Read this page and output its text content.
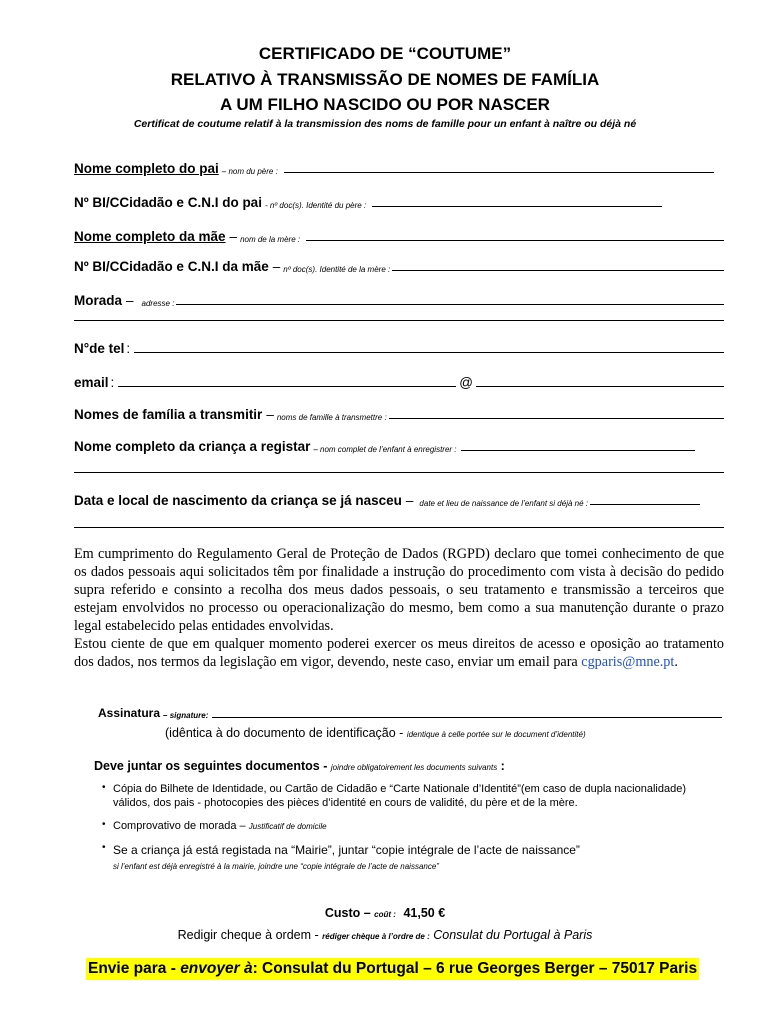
CERTIFICADO DE “COUTUME”
RELATIVO À TRANSMISSÃO DE NOMES DE FAMÍLIA
A UM FILHO NASCIDO OU POR NASCER
Certificat de coutume relatif à la transmission des noms de famille pour un enfant à naître ou déjà né
Nome completo do pai – nom du père :
Nº BI/CCidadão e C.N.I do pai - nº doc(s). Identité du père :
Nome completo da mãe – nom de la mère :
Nº BI/CCidadão e C.N.I da mãe – nº doc(s). Identité de la mère :
Morada – adresse :
N°de tel :
email :	@
Nomes de família a transmitir – noms de famille à transmettre :
Nome completo da criança a registar – nom complet de l’enfant à enregistrer :
Data e local de nascimento da criança se já nasceu – date et lieu de naissance de l’enfant si déjà né :

Em cumprimento do Regulamento Geral de Proteção de Dados (RGPD) declaro que tomei conhecimento de que os dados pessoais aqui solicitados têm por finalidade a instrução do procedimento com vista à decisão do pedido supra referido e consinto a recolha dos meus dados pessoais, o seu tratamento e transmissão a terceiros que estejam envolvidos no processo ou operacionalização do mesmo, bem como a sua manutenção durante o prazo legal estabelecido pelas entidades envolvidas.

Estou ciente de que em qualquer momento poderei exercer os meus direitos de acesso e oposição ao tratamento dos dados, nos termos da legislação em vigor, devendo, neste caso, enviar um email para cgparis@mne.pt.

Assinatura – signature:
(idêntica à do documento de identificação - identique à celle portée sur le document d’identité)
Deve juntar os seguintes documentos - joindre obligatoirement les documents suivants :
• Cópia do Bilhete de Identidade, ou Cartão de Cidadão e “Carte Nationale d’Identité”(em caso de dupla nacionalidade)
válidos, dos pais - photocopies des pièces d’identité en cours de validité, du père et de la mère.
• Comprovativo de morada – Justificatif de domicile
• Se a criança já está registada na “Mairie”, juntar “copie intégrale de l’acte de naissance”
si l’enfant est déjà enregistré à la mairie, joindre une “copie intégrale de l’acte de naissance”
Custo – coût : 41,50 €
Redigir cheque à ordem - rédiger chèque à l’ordre de : Consulat du Portugal à Paris
Envie para - envoyer à: Consulat du Portugal – 6 rue Georges Berger – 75017 Paris
